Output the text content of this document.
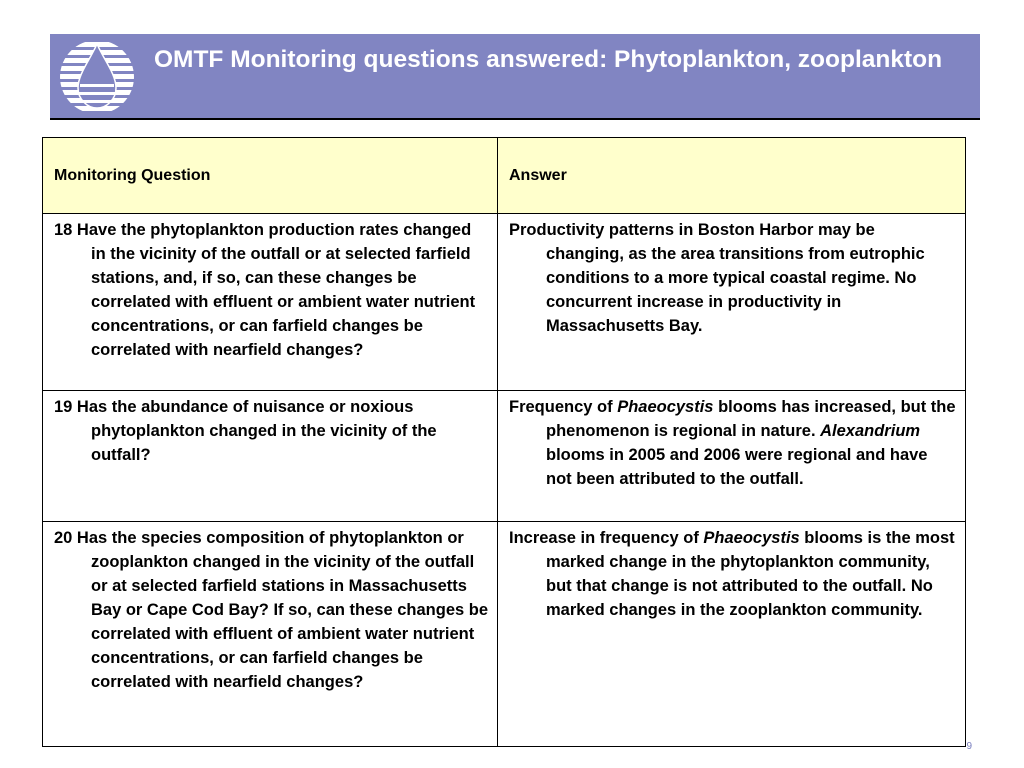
OMTF Monitoring questions answered: Phytoplankton, zooplankton
Monitoring Question	Answer

18 Have the phytoplankton production rates changed in the vicinity of the outfall or at selected farfield stations, and, if so, can these changes be correlated with effluent or ambient water nutrient concentrations, or can farfield changes be correlated with nearfield changes?	Productivity patterns in Boston Harbor may be changing, as the area transitions from eutrophic conditions to a more typical coastal regime. No concurrent increase in productivity in Massachusetts Bay.

19 Has the abundance of nuisance or noxious phytoplankton changed in the vicinity of the outfall?	Frequency of Phaeocystis blooms has increased, but the phenomenon is regional in nature. Alexandrium blooms in 2005 and 2006 were regional and have not been attributed to the outfall.

20 Has the species composition of phytoplankton or zooplankton changed in the vicinity of the outfall or at selected farfield stations in Massachusetts Bay or Cape Cod Bay? If so, can these changes be correlated with effluent of ambient water nutrient concentrations, or can farfield changes be correlated with nearfield changes?	Increase in frequency of Phaeocystis blooms is the most marked change in the phytoplankton community, but that change is not attributed to the outfall. No marked changes in the zooplankton community.

9
